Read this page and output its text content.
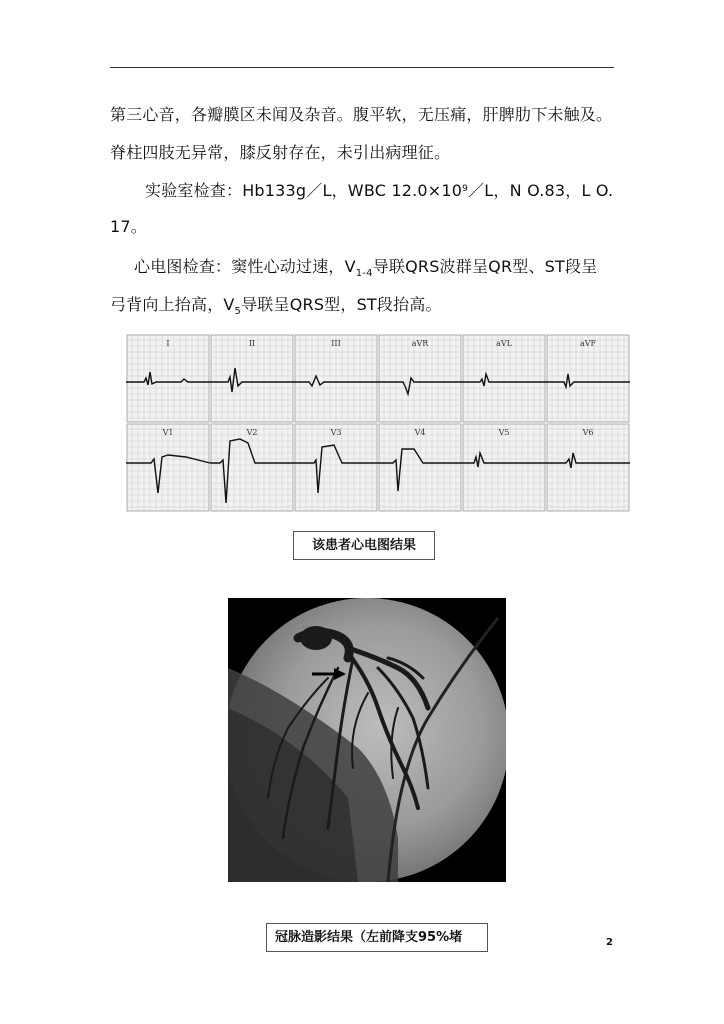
第三心音，各瓣膜区未闻及杂音。腹平软，无压痛，肝脾肋下未触及。
脊柱四肢无异常，膝反射存在，未引出病理征。
实验室检查：Hb133g／L，WBC $12.0\times 10^9/L$，N O.83，L O.
17。
心电图检查：窦性心动过速，$V_{1-4}$导联QRS波群呈QR型、ST段呈
弓背向上抬高，$V_5$导联呈QRS型，ST段抬高。
I	II	III	aVR	aVL	aVF
V1	V2	V3	V4	V5	V6
该患者心电图结果
冠脉造影结果（左前降支95%堵	2
